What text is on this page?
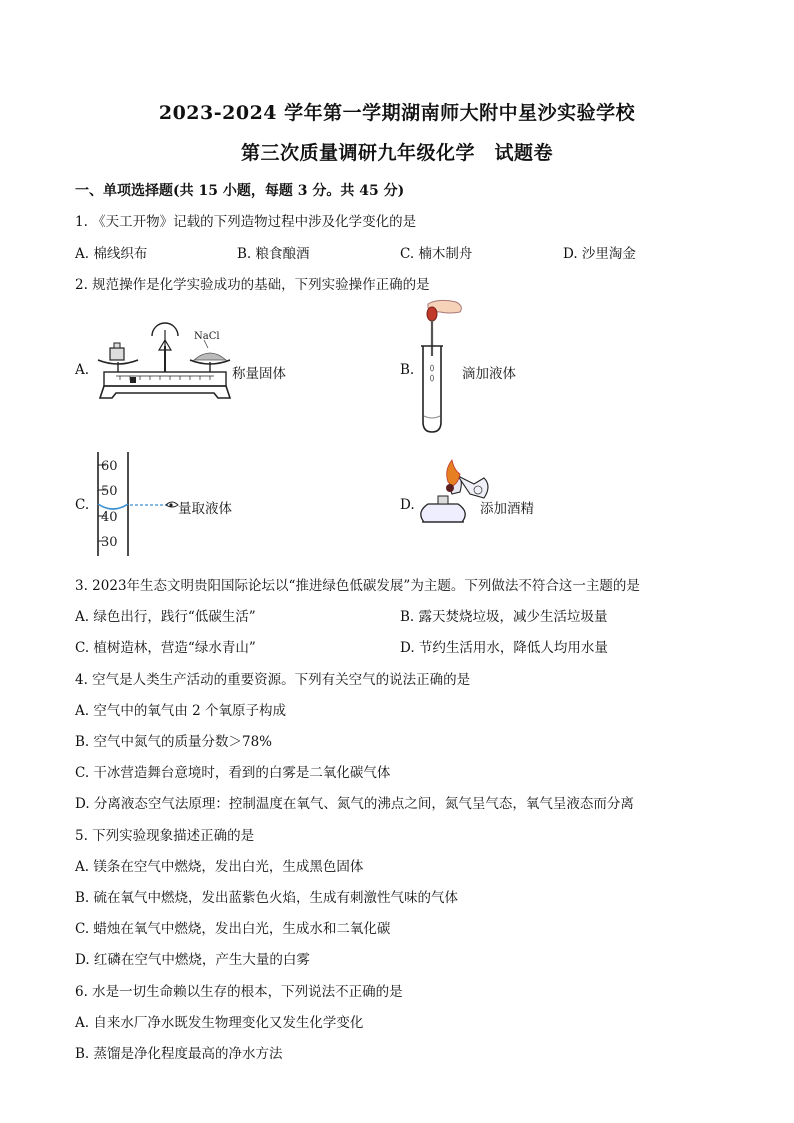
2023-2024 学年第一学期湖南师大附中星沙实验学校
第三次质量调研九年级化学　试题卷
一、单项选择题(共 15 小题，每题 3 分。共 45 分)
1. 《天工开物》记载的下列造物过程中涉及化学变化的是
A. 棉线织布	B. 粮食酿酒	C. 楠木制舟	D. 沙里淘金
2. 规范操作是化学实验成功的基础，下列实验操作正确的是
A.
NaCl
称量固体	B.	滴加液体
C.
60
50
40
30
量取液体	D.	添加酒精
3. 2023年生态文明贵阳国际论坛以“推进绿色低碳发展”为主题。下列做法不符合这一主题的是
A. 绿色出行，践行“低碳生活”	B. 露天焚烧垃圾，减少生活垃圾量
C. 植树造林，营造“绿水青山”	D. 节约生活用水，降低人均用水量
4. 空气是人类生产活动的重要资源。下列有关空气的说法正确的是
A. 空气中的氧气由 2 个氧原子构成
B. 空气中氮气的质量分数＞78%
C. 干冰营造舞台意境时，看到的白雾是二氧化碳气体
D. 分离液态空气法原理：控制温度在氧气、氮气的沸点之间，氮气呈气态，氧气呈液态而分离
5. 下列实验现象描述正确的是
A. 镁条在空气中燃烧，发出白光，生成黑色固体
B. 硫在氧气中燃烧，发出蓝紫色火焰，生成有刺激性气味的气体
C. 蜡烛在氧气中燃烧，发出白光，生成水和二氧化碳
D. 红磷在空气中燃烧，产生大量的白雾
6. 水是一切生命赖以生存的根本，下列说法不正确的是
A. 自来水厂净水既发生物理变化又发生化学变化
B. 蒸馏是净化程度最高的净水方法
